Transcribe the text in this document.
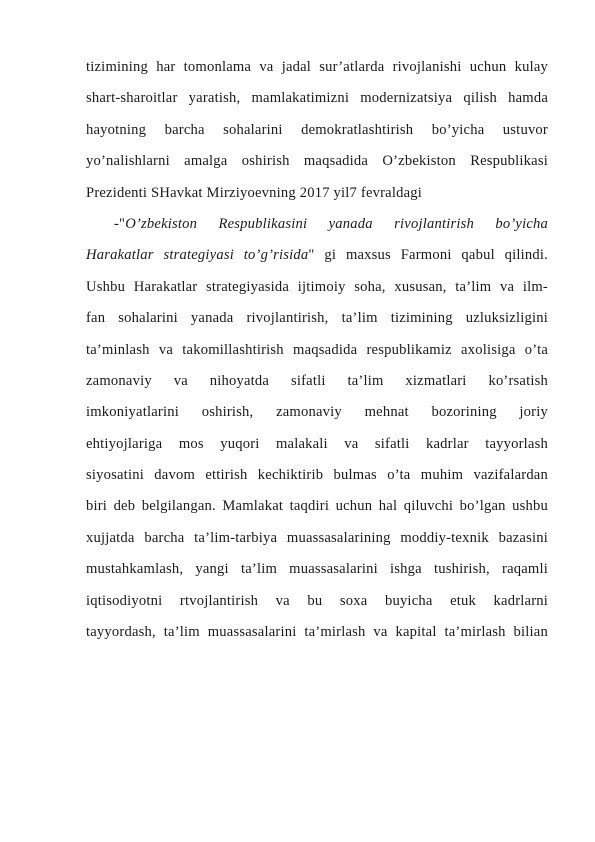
tizimining har tomonlama va jadal sur’atlarda rivojlanishi uchun kulay
shart-sharoitlar yaratish, mamlakatimizni modernizatsiya qilish hamda
hayotning barcha sohalarini demokratlashtirish bo’yicha ustuvor
yo’nalishlarni amalga oshirish maqsadida O’zbekiston Respublikasi
Prezidenti SHavkat Mirziyoevning 2017 yil7 fevraldagi
-"O’zbekiston Respublikasini yanada rivojlantirish bo’yicha
Harakatlar strategiyasi to’g’risida" gi maxsus Farmoni qabul qilindi.
Ushbu Harakatlar strategiyasida ijtimoiy soha, xususan, ta’lim va ilm-
fan sohalarini yanada rivojlantirish, ta’lim tizimining uzluksizligini
ta’minlash va takomillashtirish maqsadida respublikamiz axolisiga o’ta
zamonaviy va nihoyatda sifatli ta’lim xizmatlari ko’rsatish
imkoniyatlarini oshirish, zamonaviy mehnat bozorining joriy
ehtiyojlariga mos yuqori malakali va sifatli kadrlar tayyorlash
siyosatini davom ettirish kechiktirib bulmas o’ta muhim vazifalardan
biri deb belgilangan. Mamlakat taqdiri uchun hal qiluvchi bo’lgan ushbu
xujjatda barcha ta’lim-tarbiya muassasalarining moddiy-texnik bazasini
mustahkamlash, yangi ta’lim muassasalarini ishga tushirish, raqamli
iqtisodiyotni rtvojlantirish va bu soxa buyicha etuk kadrlarni
tayyordash, ta’lim muassasalarini ta’mirlash va kapital ta’mirlash bilian
